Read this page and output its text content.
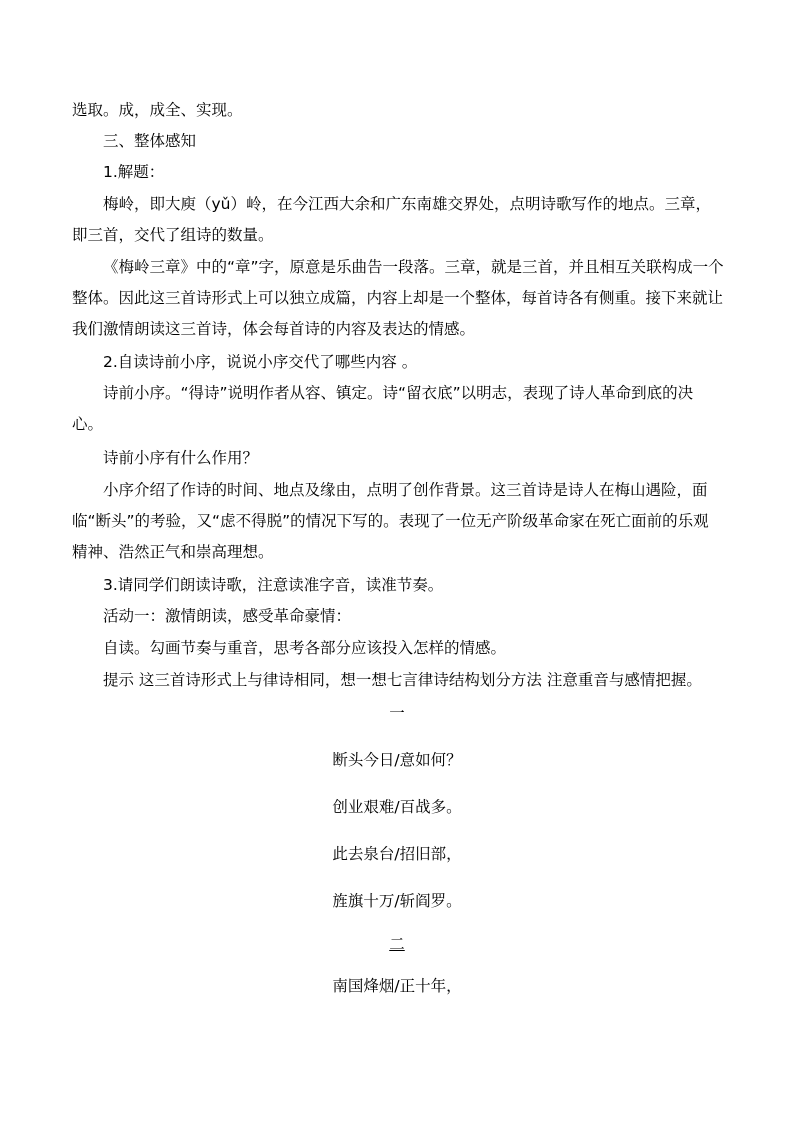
选取。成，成全、实现。
三、整体感知
1.解题：
梅岭，即大庾（yǔ）岭，在今江西大余和广东南雄交界处，点明诗歌写作的地点。三章，即三首，交代了组诗的数量。
《梅岭三章》中的“章”字，原意是乐曲告一段落。三章，就是三首，并且相互关联构成一个整体。因此这三首诗形式上可以独立成篇，内容上却是一个整体，每首诗各有侧重。接下来就让我们激情朗读这三首诗，体会每首诗的内容及表达的情感。
2.自读诗前小序，说说小序交代了哪些内容 。
诗前小序。“得诗”说明作者从容、镇定。诗“留衣底”以明志，表现了诗人革命到底的决心。
诗前小序有什么作用？
小序介绍了作诗的时间、地点及缘由，点明了创作背景。这三首诗是诗人在梅山遇险，面临“断头”的考验，又“虑不得脱”的情况下写的。表现了一位无产阶级革命家在死亡面前的乐观精神、浩然正气和崇高理想。
3.请同学们朗读诗歌，注意读准字音，读准节奏。
活动一：激情朗读，感受革命豪情：
自读。勾画节奏与重音，思考各部分应该投入怎样的情感。
提示 这三首诗形式上与律诗相同，想一想七言律诗结构划分方法 注意重音与感情把握。
一
断头今日/意如何？
创业艰难/百战多。
此去泉台/招旧部，
旌旗十万/斩阎罗。
二
南国烽烟/正十年，
